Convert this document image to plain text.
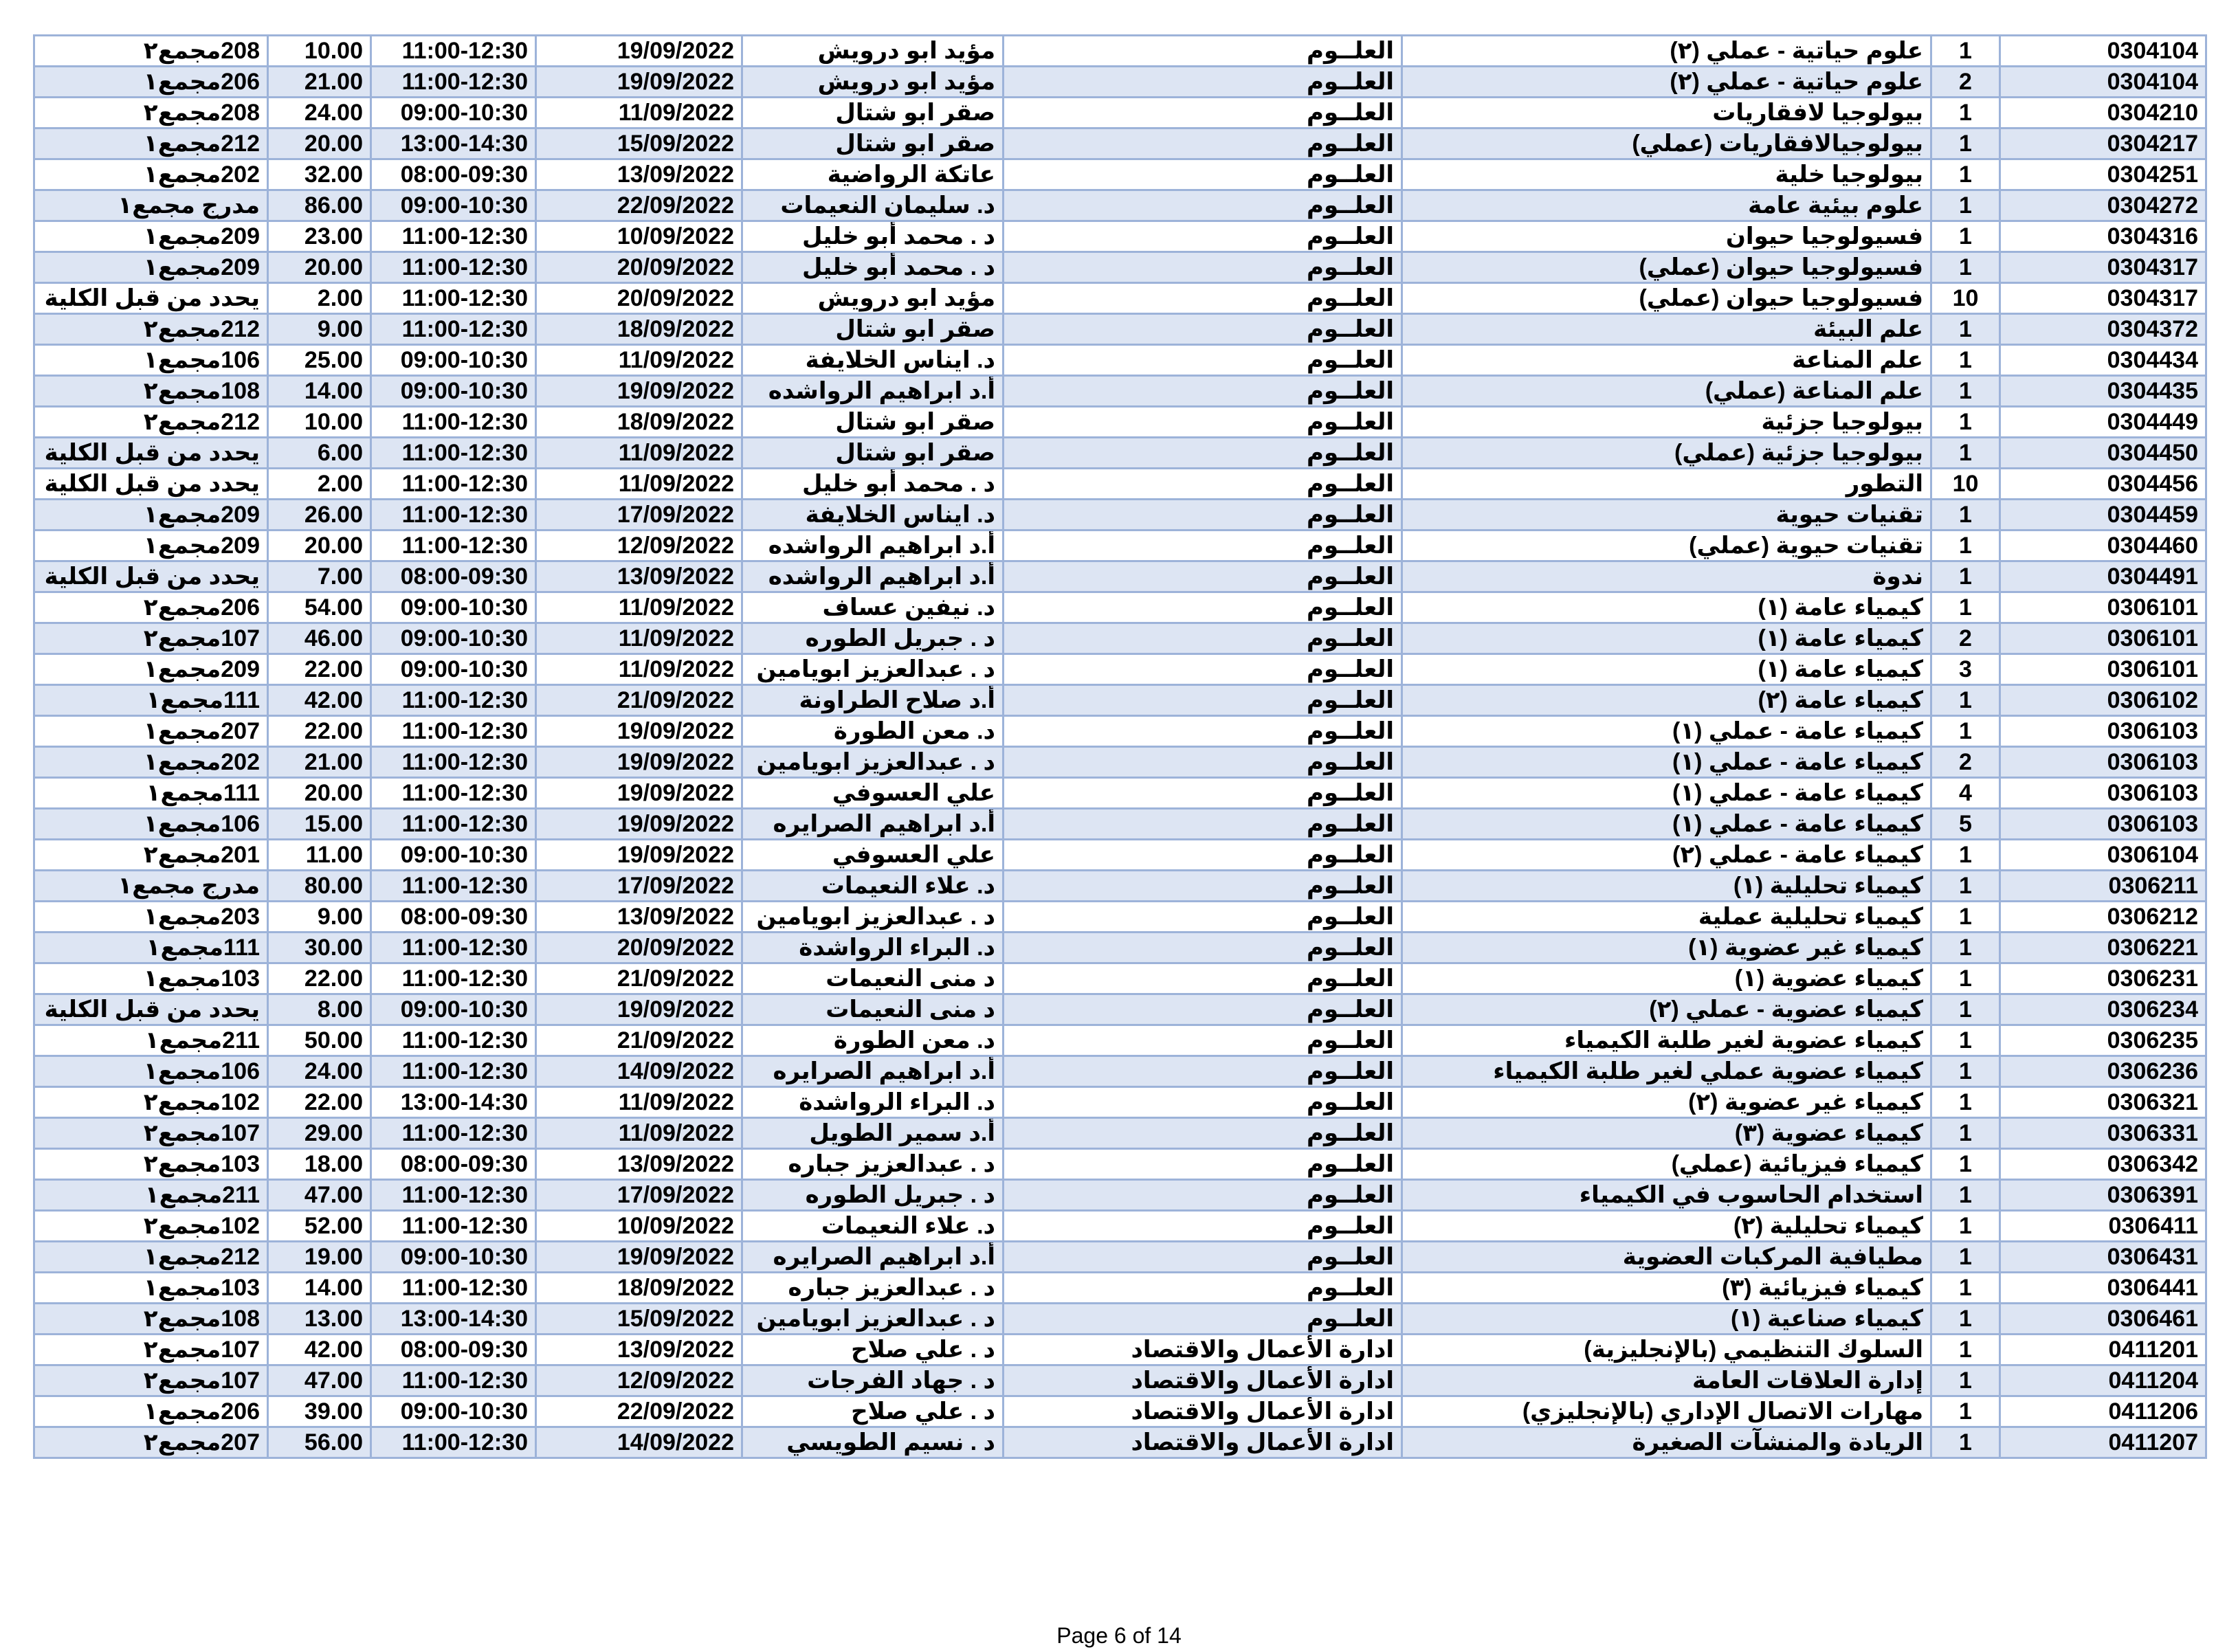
208مجمع٢	10.00	11:00-12:30	19/09/2022	مؤيد ابو درويش	العلــوم	علوم حياتية - عملي (٢)	1	0304104
206مجمع١	21.00	11:00-12:30	19/09/2022	مؤيد ابو درويش	العلــوم	علوم حياتية - عملي (٢)	2	0304104
208مجمع٢	24.00	09:00-10:30	11/09/2022	صقر ابو شتال	العلــوم	بيولوجيا لافقاريات	1	0304210
212مجمع١	20.00	13:00-14:30	15/09/2022	صقر ابو شتال	العلــوم	بيولوجيالافقاريات (عملي)	1	0304217
202مجمع١	32.00	08:00-09:30	13/09/2022	عاتكة الرواضية	العلــوم	بيولوجيا خلية	1	0304251
مدرج مجمع١	86.00	09:00-10:30	22/09/2022	د. سليمان النعيمات	العلــوم	علوم بيئية عامة	1	0304272
209مجمع١	23.00	11:00-12:30	10/09/2022	د . محمد أبو خليل	العلــوم	فسيولوجيا حيوان	1	0304316
209مجمع١	20.00	11:00-12:30	20/09/2022	د . محمد أبو خليل	العلــوم	فسيولوجيا حيوان (عملي)	1	0304317
يحدد من قبل الكلية	2.00	11:00-12:30	20/09/2022	مؤيد ابو درويش	العلــوم	فسيولوجيا حيوان (عملي)	10	0304317
212مجمع٢	9.00	11:00-12:30	18/09/2022	صقر ابو شتال	العلــوم	علم البيئة	1	0304372
106مجمع١	25.00	09:00-10:30	11/09/2022	د. ايناس الخلايفة	العلــوم	علم المناعة	1	0304434
108مجمع٢	14.00	09:00-10:30	19/09/2022	أ.د ابراهيم الرواشده	العلــوم	علم المناعة (عملي)	1	0304435
212مجمع٢	10.00	11:00-12:30	18/09/2022	صقر ابو شتال	العلــوم	بيولوجيا جزئية	1	0304449
يحدد من قبل الكلية	6.00	11:00-12:30	11/09/2022	صقر ابو شتال	العلــوم	بيولوجيا جزئية (عملي)	1	0304450
يحدد من قبل الكلية	2.00	11:00-12:30	11/09/2022	د . محمد أبو خليل	العلــوم	التطور	10	0304456
209مجمع١	26.00	11:00-12:30	17/09/2022	د. ايناس الخلايفة	العلــوم	تقنيات حيوية	1	0304459
209مجمع١	20.00	11:00-12:30	12/09/2022	أ.د ابراهيم الرواشده	العلــوم	تقنيات حيوية (عملي)	1	0304460
يحدد من قبل الكلية	7.00	08:00-09:30	13/09/2022	أ.د ابراهيم الرواشده	العلــوم	ندوة	1	0304491
206مجمع٢	54.00	09:00-10:30	11/09/2022	د. نيفين عساف	العلــوم	كيمياء عامة (١)	1	0306101
107مجمع٢	46.00	09:00-10:30	11/09/2022	د . جبريل الطوره	العلــوم	كيمياء عامة (١)	2	0306101
209مجمع١	22.00	09:00-10:30	11/09/2022	د . عبدالعزيز ابويامين	العلــوم	كيمياء عامة (١)	3	0306101
111مجمع١	42.00	11:00-12:30	21/09/2022	أ.د صلاح الطراونة	العلــوم	كيمياء عامة (٢)	1	0306102
207مجمع١	22.00	11:00-12:30	19/09/2022	د. معن الطورة	العلــوم	كيمياء عامة - عملي (١)	1	0306103
202مجمع١	21.00	11:00-12:30	19/09/2022	د . عبدالعزيز ابويامين	العلــوم	كيمياء عامة - عملي (١)	2	0306103
111مجمع١	20.00	11:00-12:30	19/09/2022	علي العسوفي	العلــوم	كيمياء عامة - عملي (١)	4	0306103
106مجمع١	15.00	11:00-12:30	19/09/2022	أ.د ابراهيم الصرايره	العلــوم	كيمياء عامة - عملي (١)	5	0306103
201مجمع٢	11.00	09:00-10:30	19/09/2022	علي العسوفي	العلــوم	كيمياء عامة - عملي (٢)	1	0306104
مدرج مجمع١	80.00	11:00-12:30	17/09/2022	د. علاء النعيمات	العلــوم	كيمياء تحليلية (١)	1	0306211
203مجمع١	9.00	08:00-09:30	13/09/2022	د . عبدالعزيز ابويامين	العلــوم	كيمياء تحليلية عملية	1	0306212
111مجمع١	30.00	11:00-12:30	20/09/2022	د. البراء الرواشدة	العلــوم	كيمياء غير عضوية (١)	1	0306221
103مجمع١	22.00	11:00-12:30	21/09/2022	د منى النعيمات	العلــوم	كيمياء عضوية (١)	1	0306231
يحدد من قبل الكلية	8.00	09:00-10:30	19/09/2022	د منى النعيمات	العلــوم	كيمياء عضوية - عملي (٢)	1	0306234
211مجمع١	50.00	11:00-12:30	21/09/2022	د. معن الطورة	العلــوم	كيمياء عضوية لغير طلبة الكيمياء	1	0306235
106مجمع١	24.00	11:00-12:30	14/09/2022	أ.د ابراهيم الصرايره	العلــوم	كيمياء عضوية عملي لغير طلبة الكيمياء	1	0306236
102مجمع٢	22.00	13:00-14:30	11/09/2022	د. البراء الرواشدة	العلــوم	كيمياء غير عضوية (٢)	1	0306321
107مجمع٢	29.00	11:00-12:30	11/09/2022	أ.د سمير الطويل	العلــوم	كيمياء عضوية (٣)	1	0306331
103مجمع٢	18.00	08:00-09:30	13/09/2022	د . عبدالعزيز جباره	العلــوم	كيمياء فيزيائية (عملي)	1	0306342
211مجمع١	47.00	11:00-12:30	17/09/2022	د . جبريل الطوره	العلــوم	استخدام الحاسوب في الكيمياء	1	0306391
102مجمع٢	52.00	11:00-12:30	10/09/2022	د. علاء النعيمات	العلــوم	كيمياء تحليلية (٢)	1	0306411
212مجمع١	19.00	09:00-10:30	19/09/2022	أ.د ابراهيم الصرايره	العلــوم	مطيافية المركبات العضوية	1	0306431
103مجمع١	14.00	11:00-12:30	18/09/2022	د . عبدالعزيز جباره	العلــوم	كيمياء فيزيائية (٣)	1	0306441
108مجمع٢	13.00	13:00-14:30	15/09/2022	د . عبدالعزيز ابويامين	العلــوم	كيمياء صناعية (١)	1	0306461
107مجمع٢	42.00	08:00-09:30	13/09/2022	د . علي صلاح	ادارة الأعمال والاقتصاد	السلوك التنظيمي (بالإنجليزية)	1	0411201
107مجمع٢	47.00	11:00-12:30	12/09/2022	د . جهاد الفرجات	ادارة الأعمال والاقتصاد	إدارة العلاقات العامة	1	0411204
206مجمع١	39.00	09:00-10:30	22/09/2022	د . علي صلاح	ادارة الأعمال والاقتصاد	مهارات الاتصال الإداري (بالإنجليزي)	1	0411206
207مجمع٢	56.00	11:00-12:30	14/09/2022	د . نسيم الطويسي	ادارة الأعمال والاقتصاد	الريادة والمنشآت الصغيرة	1	0411207
Page 6 of 14
